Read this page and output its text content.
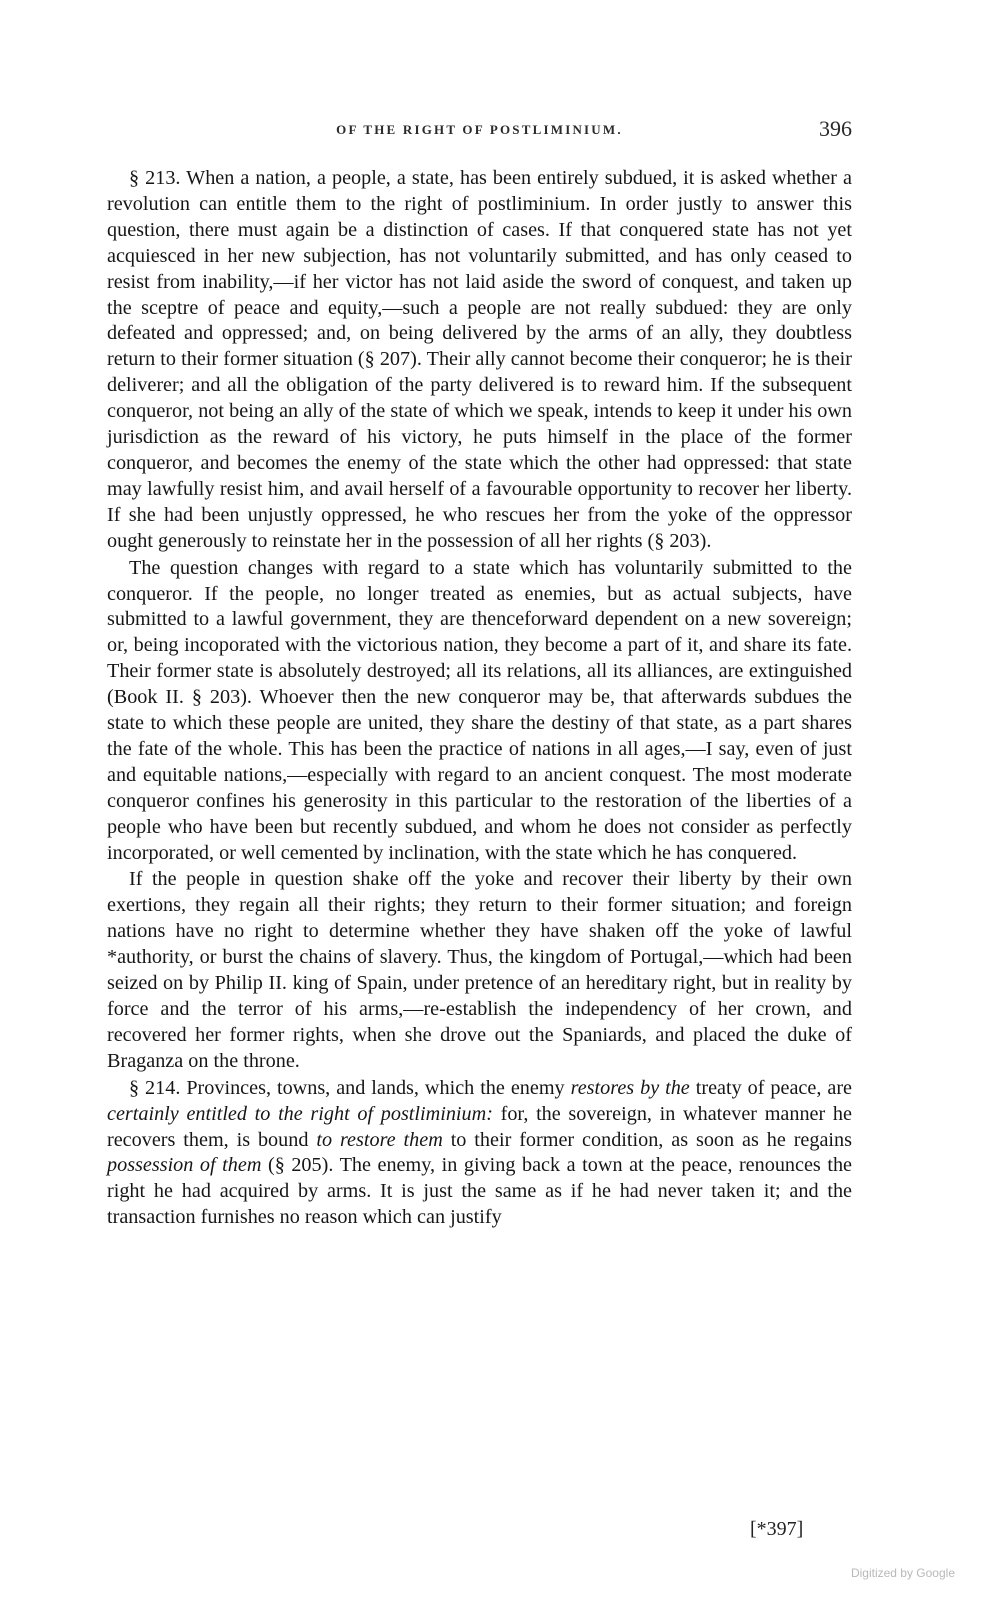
OF THE RIGHT OF POSTLIMINIUM.	396

§ 213. When a nation, a people, a state, has been entirely subdued, it is asked whether a revolution can entitle them to the right of postliminium. In order justly to answer this question, there must again be a distinction of cases. If that conquered state has not yet acquiesced in her new subjection, has not voluntarily submitted, and has only ceased to resist from inability,—if her victor has not laid aside the sword of conquest, and taken up the sceptre of peace and equity,—such a people are not really subdued: they are only defeated and oppressed; and, on being delivered by the arms of an ally, they doubtless return to their former situation (§ 207). Their ally cannot become their conqueror; he is their deliverer; and all the obligation of the party delivered is to reward him. If the subsequent conqueror, not being an ally of the state of which we speak, intends to keep it under his own jurisdiction as the reward of his victory, he puts himself in the place of the former conqueror, and becomes the enemy of the state which the other had oppressed: that state may lawfully resist him, and avail herself of a favourable opportunity to recover her liberty. If she had been unjustly oppressed, he who rescues her from the yoke of the oppressor ought generously to reinstate her in the possession of all her rights (§ 203).

The question changes with regard to a state which has voluntarily submitted to the conqueror. If the people, no longer treated as enemies, but as actual subjects, have submitted to a lawful government, they are thenceforward dependent on a new sovereign; or, being incoporated with the victorious nation, they become a part of it, and share its fate. Their former state is absolutely destroyed; all its relations, all its alliances, are extinguished (Book II. § 203). Whoever then the new conqueror may be, that afterwards subdues the state to which these people are united, they share the destiny of that state, as a part shares the fate of the whole. This has been the practice of nations in all ages,—I say, even of just and equitable nations,—especially with regard to an ancient conquest. The most moderate conqueror confines his generosity in this particular to the restoration of the liberties of a people who have been but recently subdued, and whom he does not consider as perfectly incorporated, or well cemented by inclination, with the state which he has conquered.

If the people in question shake off the yoke and recover their liberty by their own exertions, they regain all their rights; they return to their former situation; and foreign nations have no right to determine whether they have shaken off the yoke of lawful *authority, or burst the chains of slavery. Thus, the kingdom of Portugal,—which had been seized on by Philip II. king of Spain, under pretence of an hereditary right, but in reality by force and the terror of his arms,—re-establish the independency of her crown, and recovered her former rights, when she drove out the Spaniards, and placed the duke of Braganza on the throne.

§ 214. Provinces, towns, and lands, which the enemy restores by the treaty of peace, are certainly entitled to the right of postliminium: for, the sovereign, in whatever manner he recovers them, is bound to restore them to their former condition, as soon as he regains possession of them (§ 205). The enemy, in giving back a town at the peace, renounces the right he had acquired by arms. It is just the same as if he had never taken it; and the transaction furnishes no reason which can justify

[*397]
Digitized by Google
